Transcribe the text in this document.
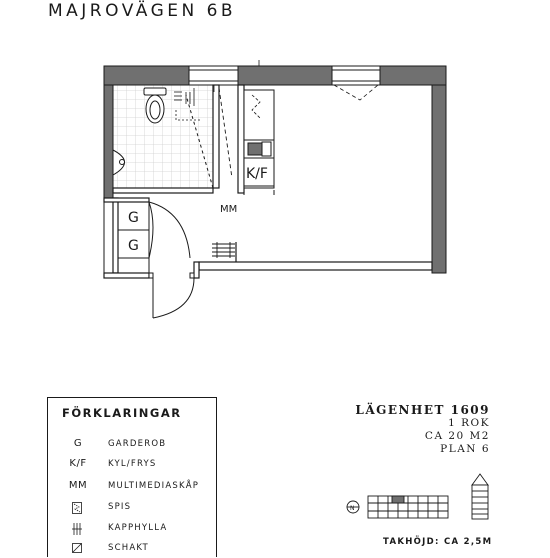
MAJROVÄGEN 6B
G
G
K/F
MM
N
FÖRKLARINGAR
G	GARDEROB
K/F	KYL/FRYS
MM	MULTIMEDIASKÅP
SPIS
KAPPHYLLA
SCHAKT
LÄGENHET 1609
1 ROK
CA 20 M2
PLAN 6
TAKHÖJD: CA 2,5M
